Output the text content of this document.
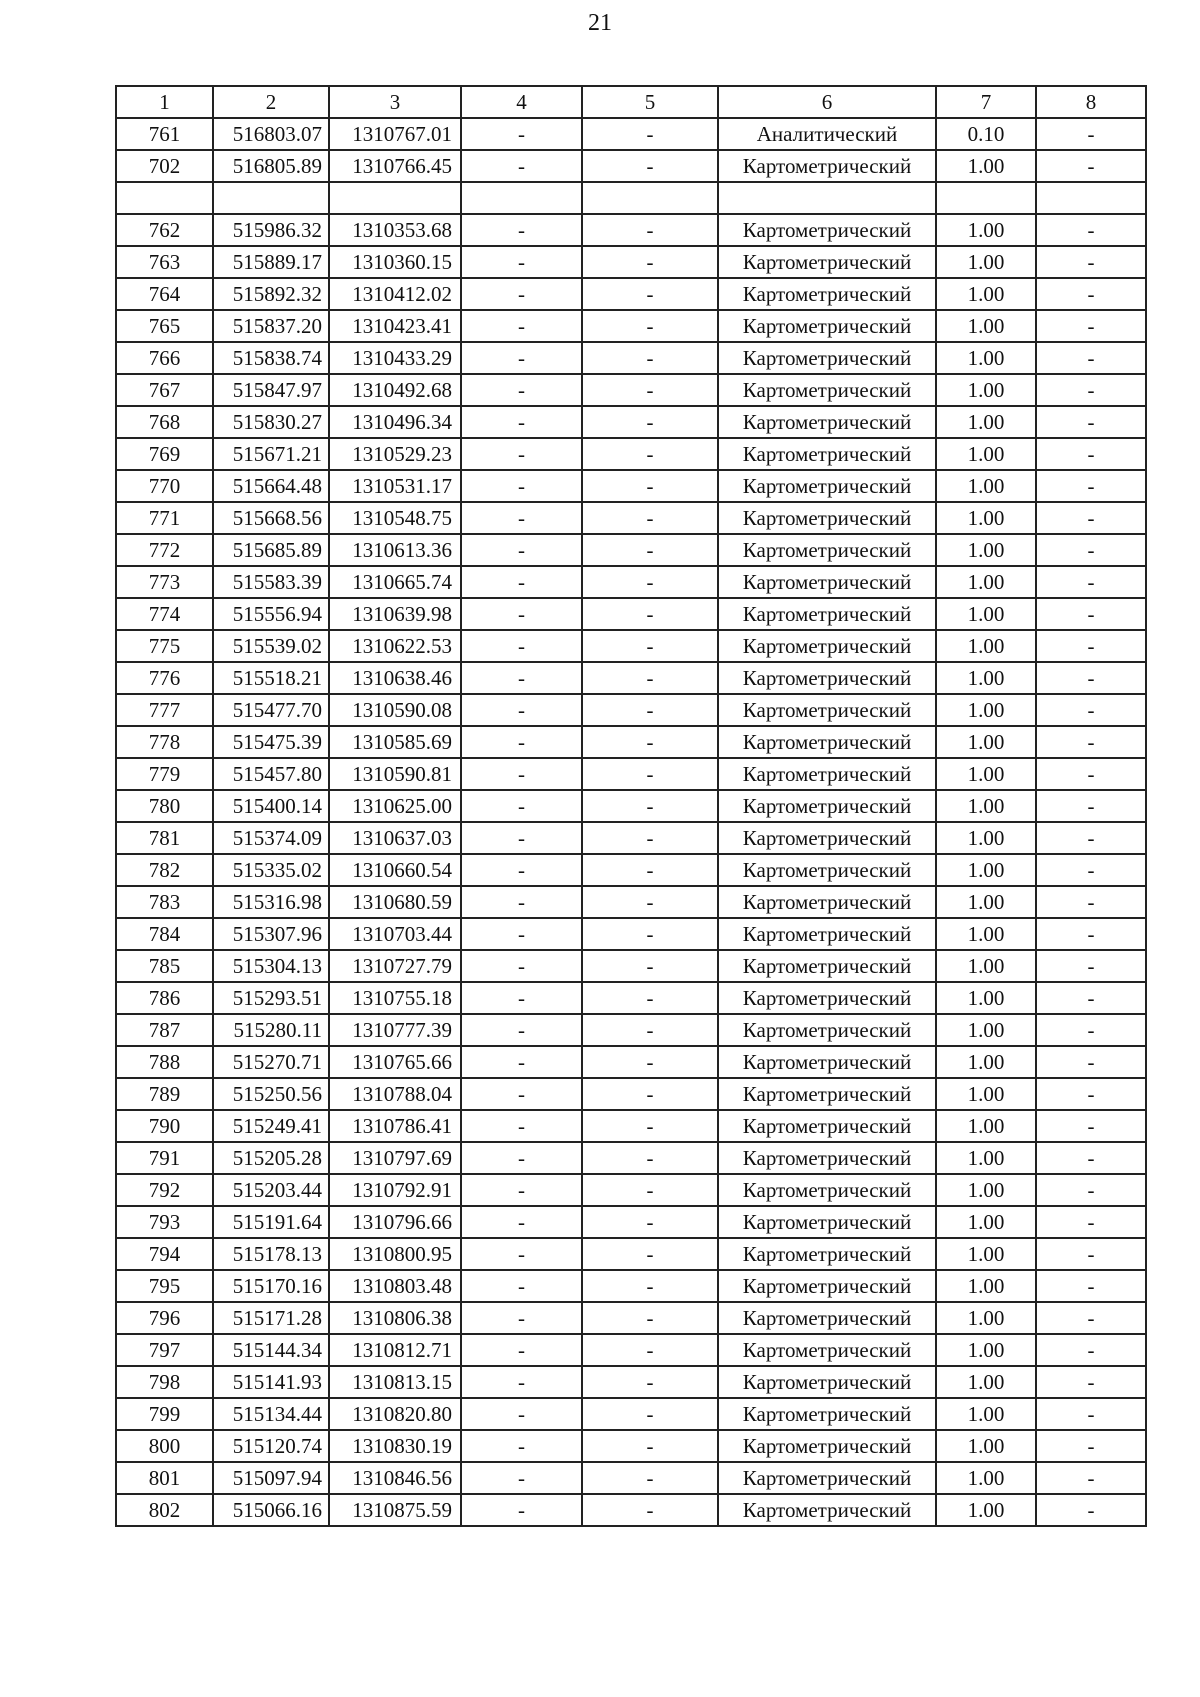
21
1	2	3	4	5	6	7	8
761	516803.07	1310767.01	-	-	Аналитический	0.10	-
702	516805.89	1310766.45	-	-	Картометрический	1.00	-

762	515986.32	1310353.68	-	-	Картометрический	1.00	-
763	515889.17	1310360.15	-	-	Картометрический	1.00	-
764	515892.32	1310412.02	-	-	Картометрический	1.00	-
765	515837.20	1310423.41	-	-	Картометрический	1.00	-
766	515838.74	1310433.29	-	-	Картометрический	1.00	-
767	515847.97	1310492.68	-	-	Картометрический	1.00	-
768	515830.27	1310496.34	-	-	Картометрический	1.00	-
769	515671.21	1310529.23	-	-	Картометрический	1.00	-
770	515664.48	1310531.17	-	-	Картометрический	1.00	-
771	515668.56	1310548.75	-	-	Картометрический	1.00	-
772	515685.89	1310613.36	-	-	Картометрический	1.00	-
773	515583.39	1310665.74	-	-	Картометрический	1.00	-
774	515556.94	1310639.98	-	-	Картометрический	1.00	-
775	515539.02	1310622.53	-	-	Картометрический	1.00	-
776	515518.21	1310638.46	-	-	Картометрический	1.00	-
777	515477.70	1310590.08	-	-	Картометрический	1.00	-
778	515475.39	1310585.69	-	-	Картометрический	1.00	-
779	515457.80	1310590.81	-	-	Картометрический	1.00	-
780	515400.14	1310625.00	-	-	Картометрический	1.00	-
781	515374.09	1310637.03	-	-	Картометрический	1.00	-
782	515335.02	1310660.54	-	-	Картометрический	1.00	-
783	515316.98	1310680.59	-	-	Картометрический	1.00	-
784	515307.96	1310703.44	-	-	Картометрический	1.00	-
785	515304.13	1310727.79	-	-	Картометрический	1.00	-
786	515293.51	1310755.18	-	-	Картометрический	1.00	-
787	515280.11	1310777.39	-	-	Картометрический	1.00	-
788	515270.71	1310765.66	-	-	Картометрический	1.00	-
789	515250.56	1310788.04	-	-	Картометрический	1.00	-
790	515249.41	1310786.41	-	-	Картометрический	1.00	-
791	515205.28	1310797.69	-	-	Картометрический	1.00	-
792	515203.44	1310792.91	-	-	Картометрический	1.00	-
793	515191.64	1310796.66	-	-	Картометрический	1.00	-
794	515178.13	1310800.95	-	-	Картометрический	1.00	-
795	515170.16	1310803.48	-	-	Картометрический	1.00	-
796	515171.28	1310806.38	-	-	Картометрический	1.00	-
797	515144.34	1310812.71	-	-	Картометрический	1.00	-
798	515141.93	1310813.15	-	-	Картометрический	1.00	-
799	515134.44	1310820.80	-	-	Картометрический	1.00	-
800	515120.74	1310830.19	-	-	Картометрический	1.00	-
801	515097.94	1310846.56	-	-	Картометрический	1.00	-
802	515066.16	1310875.59	-	-	Картометрический	1.00	-
